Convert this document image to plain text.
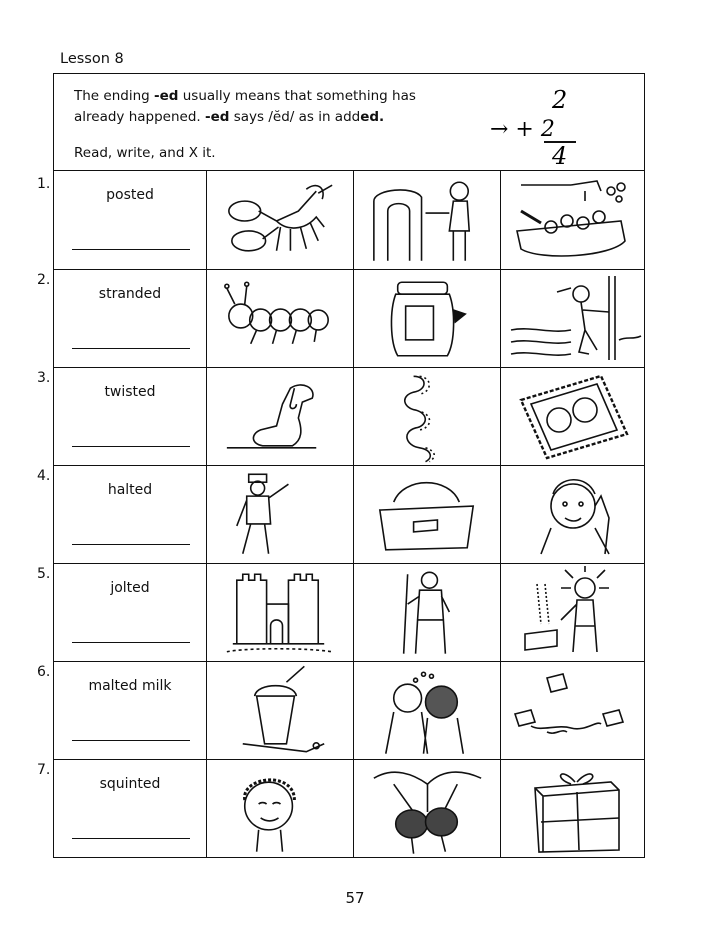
Lesson 8
The ending -ed usually means that something has
already happened. -ed says /ĕd/ as in added.
Read, write, and X it.
2
→ + 2
4
posted
stranded
twisted
halted
jolted
malted milk
squinted
1.
2.
3.
4.
5.
6.
7.
57
